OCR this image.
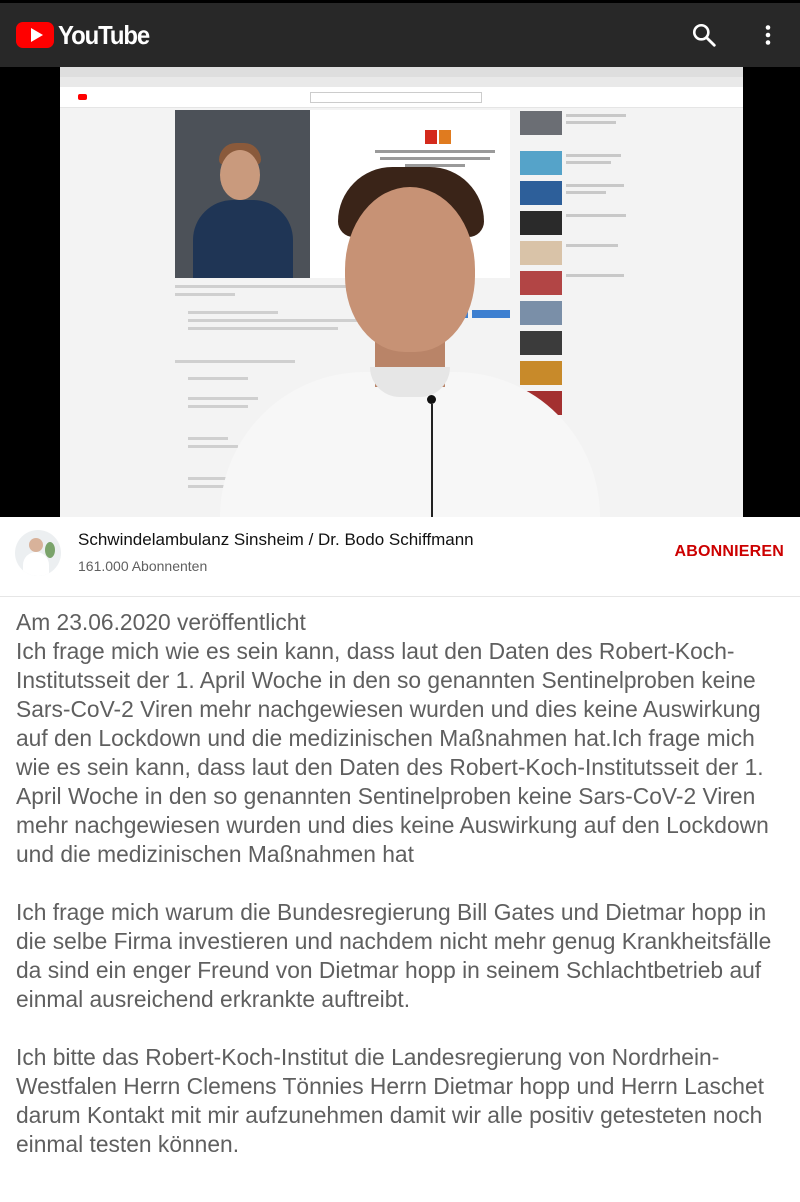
YouTube
Schwindelambulanz Sinsheim / Dr. Bodo Schiffmann
161.000 Abonnenten
ABONNIEREN

Am 23.06.2020 veröffentlicht

Ich frage mich wie es sein kann, dass laut den Daten des Robert-Koch-Institutsseit der 1. April Woche in den so genannten Sentinelproben keine Sars-CoV-2 Viren mehr nachgewiesen wurden und dies keine Auswirkung auf den Lockdown und die medizinischen Maßnahmen hat.Ich frage mich wie es sein kann, dass laut den Daten des Robert-Koch-Institutsseit der 1. April Woche in den so genannten Sentinelproben keine Sars-CoV-2 Viren mehr nachgewiesen wurden und dies keine Auswirkung auf den Lockdown und die medizinischen Maßnahmen hat

Ich frage mich warum die Bundesregierung Bill Gates und Dietmar hopp in die selbe Firma investieren und nachdem nicht mehr genug Krankheitsfälle da sind ein enger Freund von Dietmar hopp in seinem Schlachtbetrieb auf einmal ausreichend erkrankte auftreibt.

Ich bitte das Robert-Koch-Institut die Landesregierung von Nordrhein-Westfalen Herrn Clemens Tönnies Herrn Dietmar hopp und Herrn Laschet darum Kontakt mit mir aufzunehmen damit wir alle positiv getesteten noch einmal testen können.
